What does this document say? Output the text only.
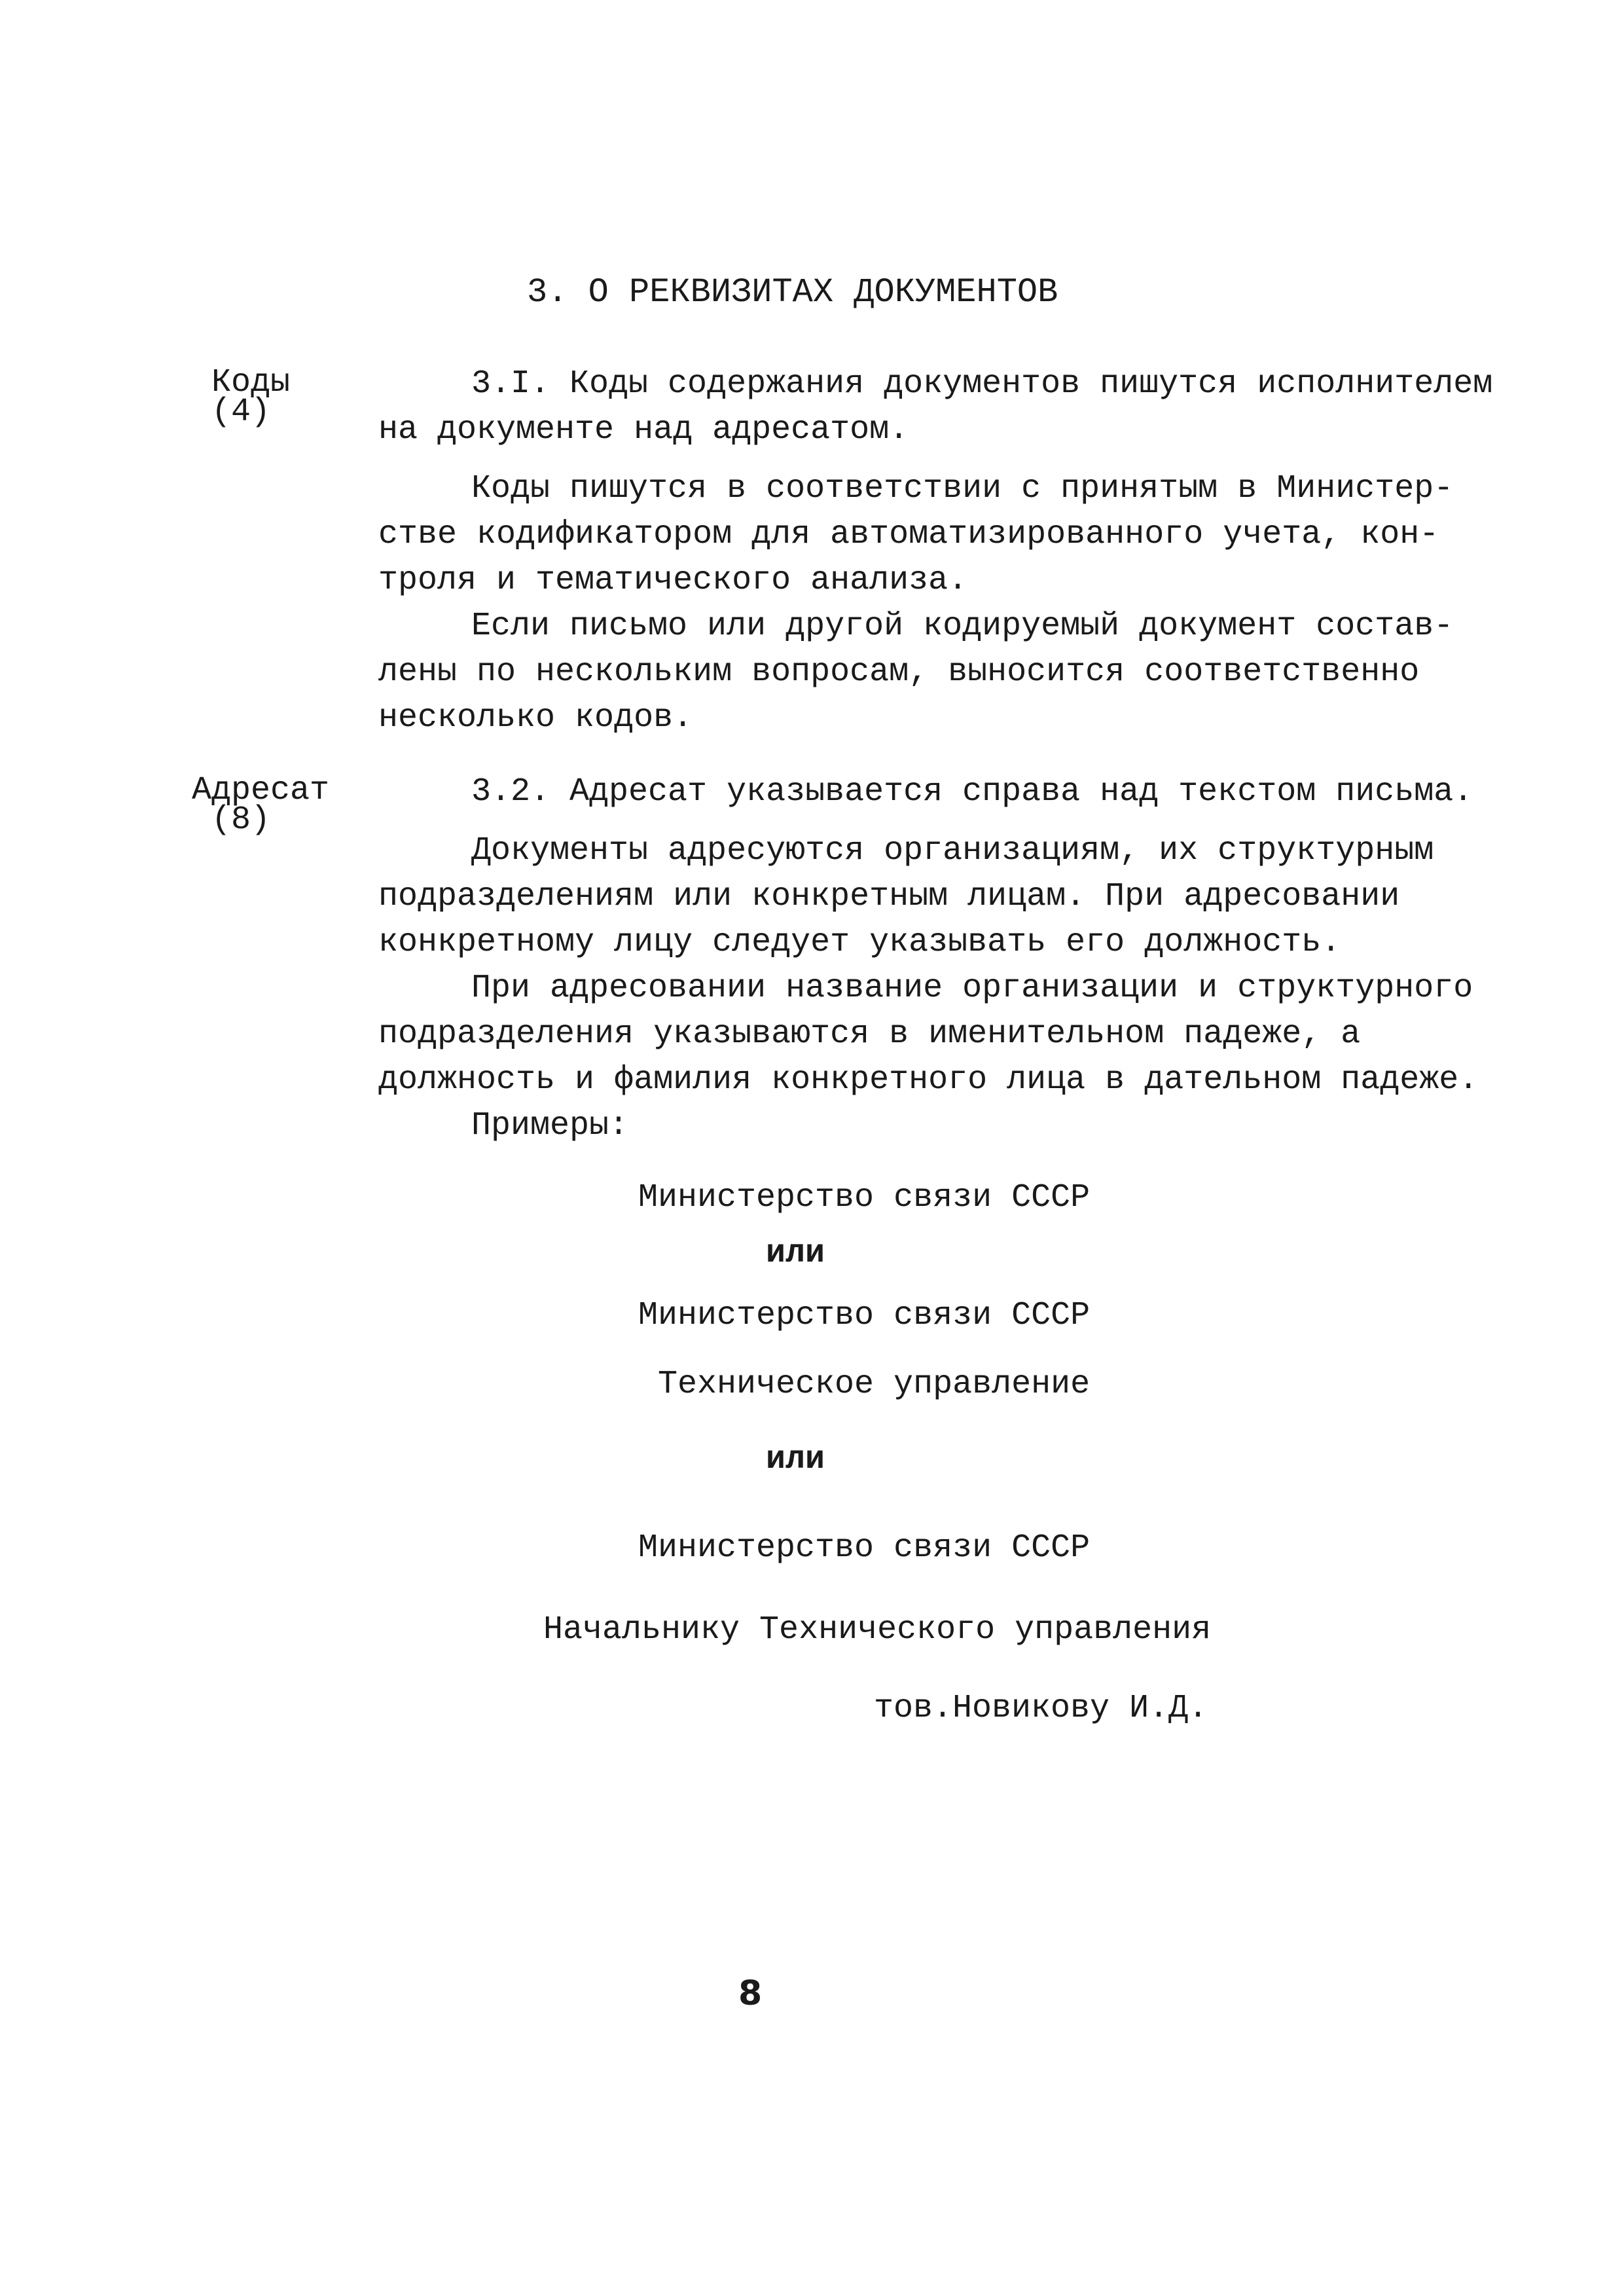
3. О РЕКВИЗИТАХ ДОКУМЕНТОВ
Коды
(4)
3.I. Коды содержания документов пишутся исполнителем
на документе над адресатом.
Коды пишутся в соответствии с принятым в Министер-
стве кодификатором для автоматизированного учета, кон-
троля и тематического анализа.
Если письмо или другой кодируемый документ состав-
лены по нескольким вопросам, выносится соответственно
несколько кодов.
Адресат
(8)
3.2. Адресат указывается справа над текстом письма.
Документы адресуются организациям, их структурным
подразделениям или конкретным лицам. При адресовании
конкретному лицу следует указывать его должность.
При адресовании название организации и структурного
подразделения указываются в именительном падеже, а
должность и фамилия конкретного лица в дательном падеже.
Примеры:
Министерство связи СССР
или
Министерство связи СССР
Техническое управление
или
Министерство связи СССР
Начальнику Технического управления
тов.Новикову И.Д.
8
